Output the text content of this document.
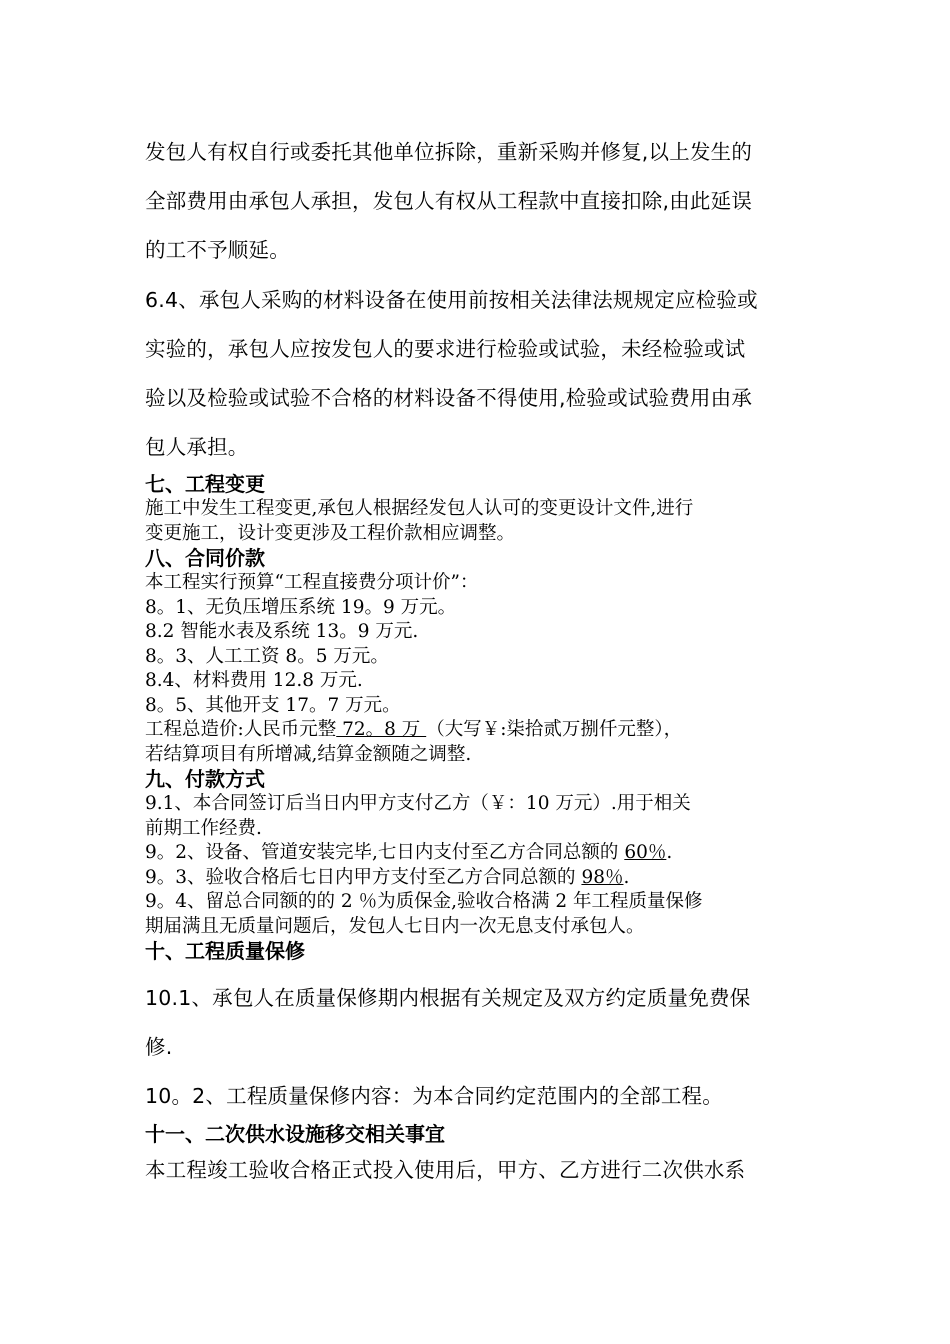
发包人有权自行或委托其他单位拆除，重新采购并修复,以上发生的

全部费用由承包人承担，发包人有权从工程款中直接扣除,由此延误

的工不予顺延。

6.4、承包人采购的材料设备在使用前按相关法律法规规定应检验或

实验的，承包人应按发包人的要求进行检验或试验，未经检验或试

验以及检验或试验不合格的材料设备不得使用,检验或试验费用由承

包人承担。

七、工程变更

施工中发生工程变更,承包人根据经发包人认可的变更设计文件,进行

变更施工，设计变更涉及工程价款相应调整。

八、合同价款

本工程实行预算“工程直接费分项计价”：

8。1、无负压增压系统 19。9 万元。

8.2 智能水表及系统 13。9 万元.

8。3、人工工资 8。5 万元。

8.4、材料费用 12.8 万元.

8。5、其他开支 17。7 万元。

工程总造价:人民币元整 72。8 万 （大写￥:柒拾贰万捌仟元整），

若结算项目有所增减,结算金额随之调整.

九、付款方式

9.1、本合同签订后当日内甲方支付乙方（￥：10 万元）.用于相关

前期工作经费.

9。2、设备、管道安装完毕,七日内支付至乙方合同总额的 60％.

9。3、验收合格后七日内甲方支付至乙方合同总额的 98％.

9。4、留总合同额的的 2 ％为质保金,验收合格满 2 年工程质量保修

期届满且无质量问题后，发包人七日内一次无息支付承包人。

十、工程质量保修

10.1、承包人在质量保修期内根据有关规定及双方约定质量免费保

修.

10。2、工程质量保修内容：为本合同约定范围内的全部工程。

十一、二次供水设施移交相关事宜

本工程竣工验收合格正式投入使用后，甲方、乙方进行二次供水系
